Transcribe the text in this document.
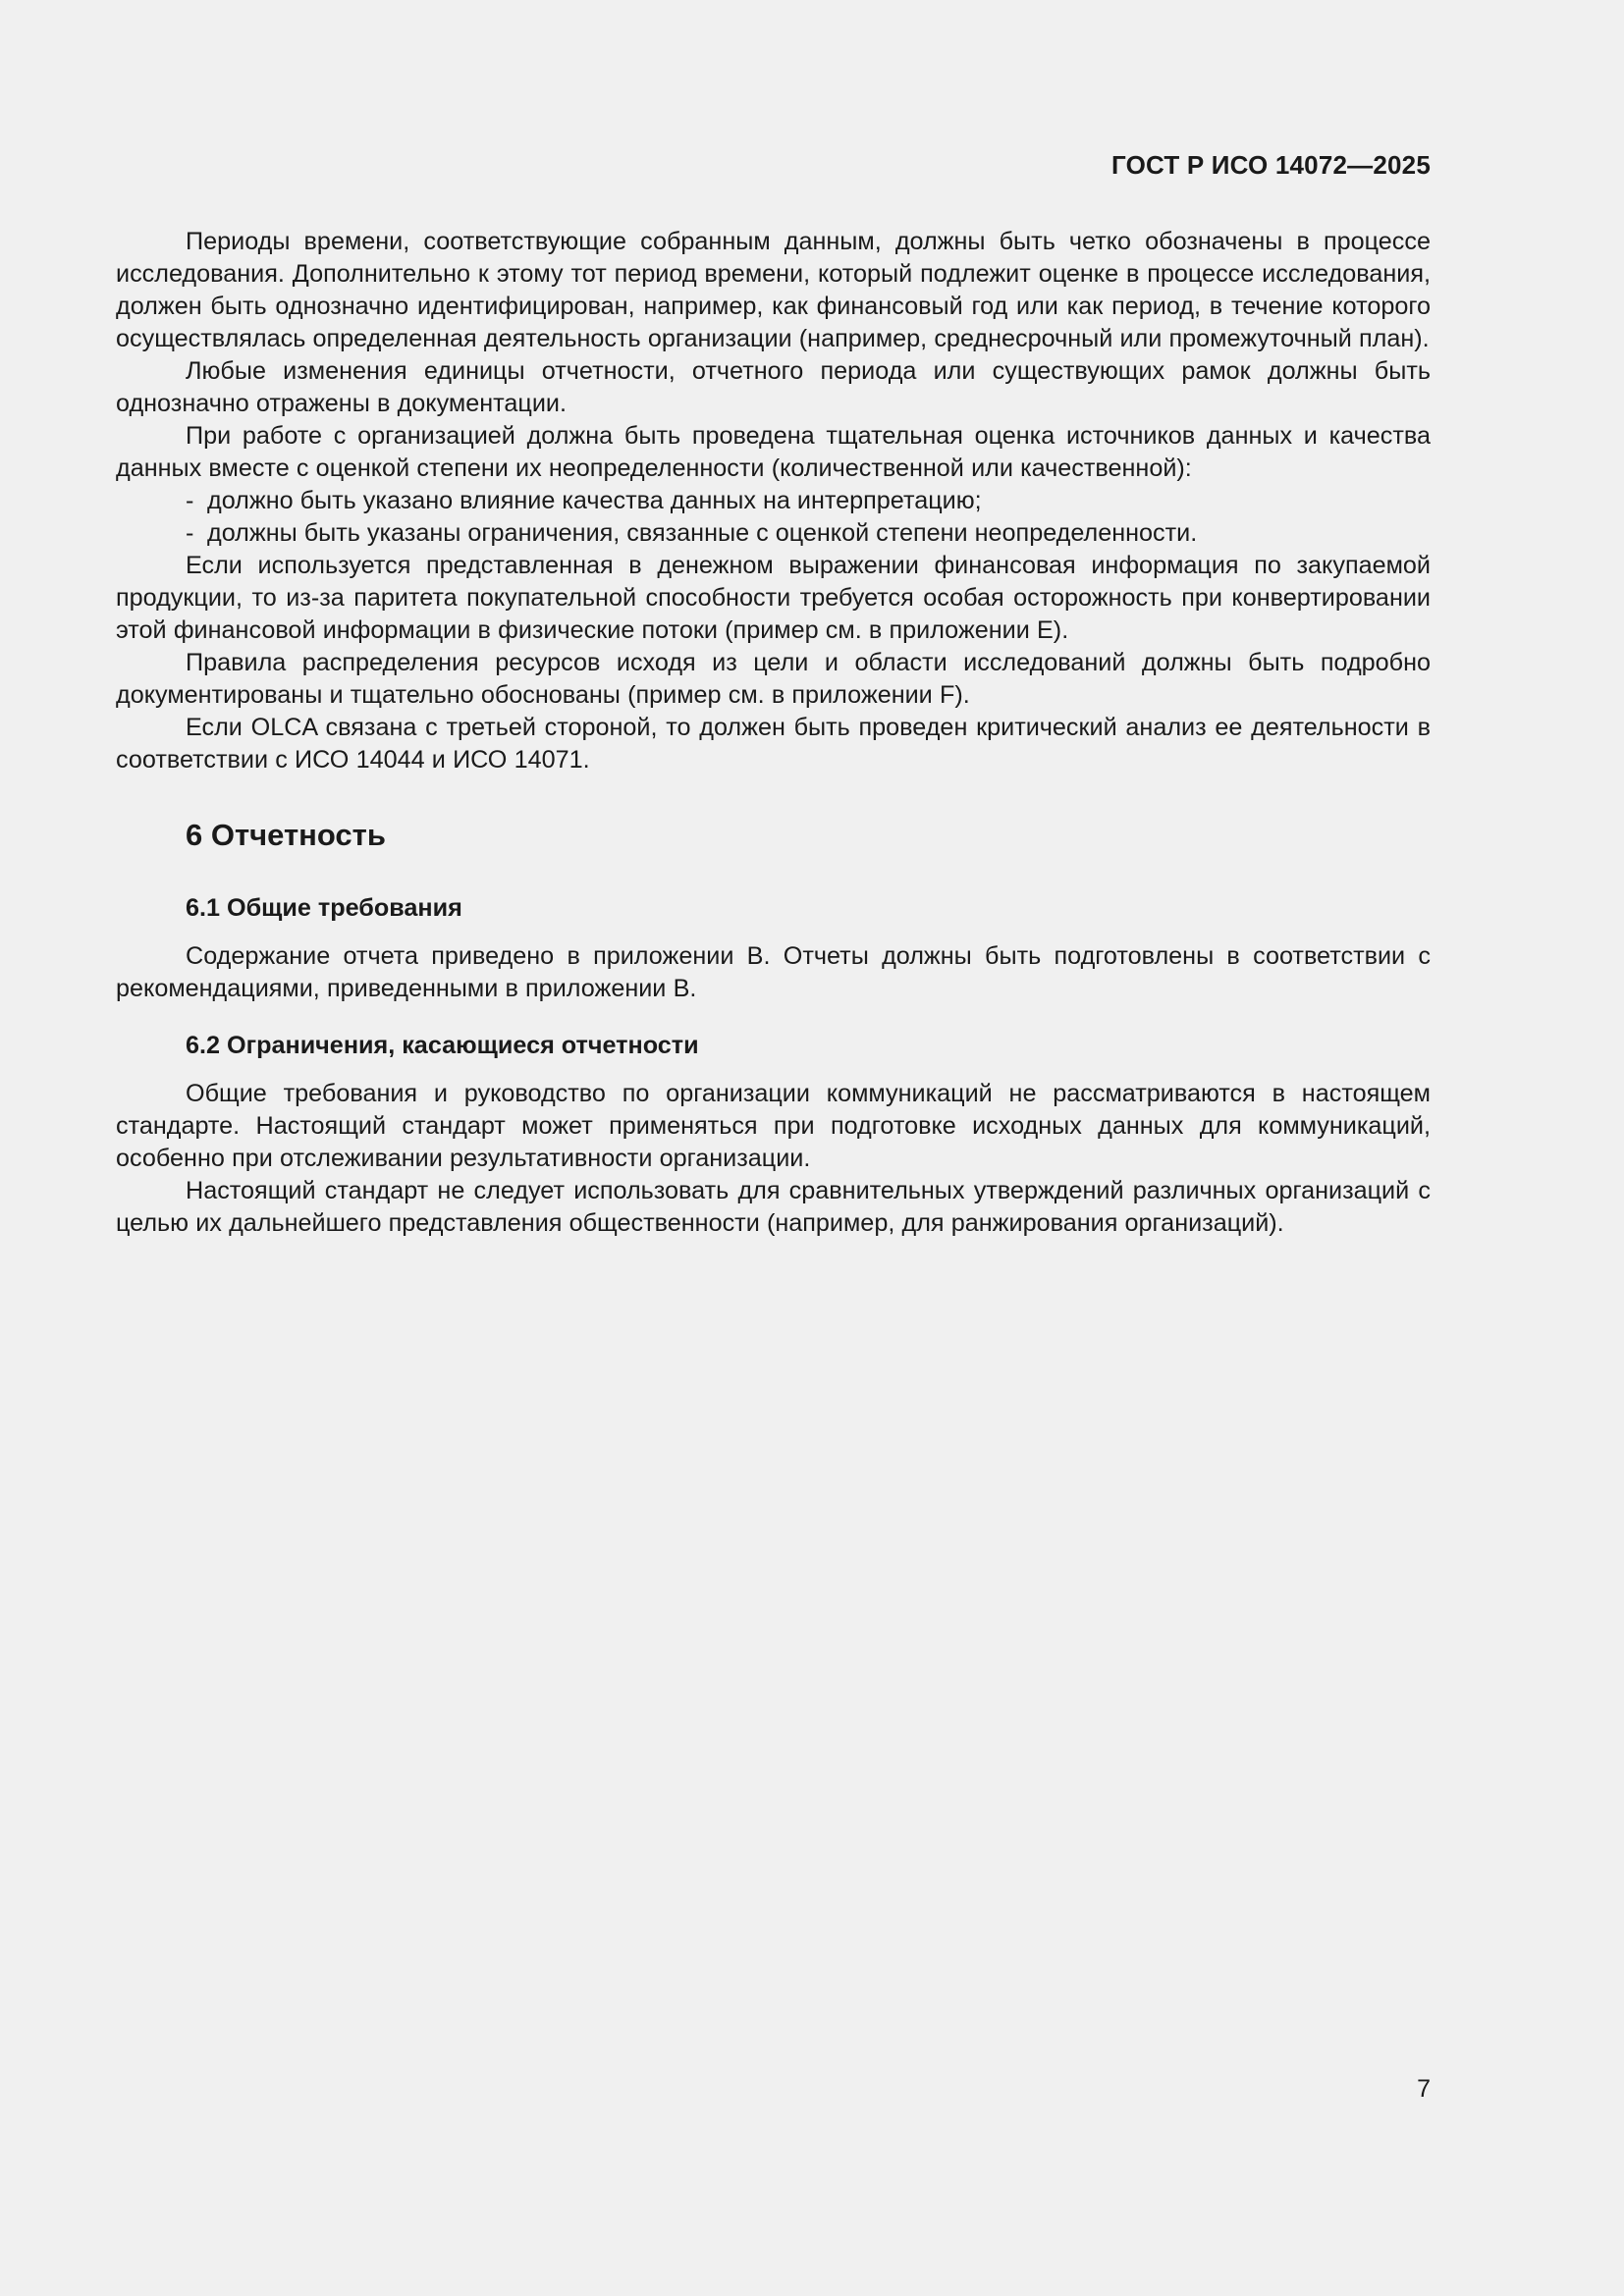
ГОСТ Р ИСО 14072—2025

Периоды времени, соответствующие собранным данным, должны быть четко обозначены в процессе исследования. Дополнительно к этому тот период времени, который подлежит оценке в процессе исследования, должен быть однозначно идентифицирован, например, как финансовый год или как период, в течение которого осуществлялась определенная деятельность организации (например, среднесрочный или промежуточный план).

Любые изменения единицы отчетности, отчетного периода или существующих рамок должны быть однозначно отражены в документации.

При работе с организацией должна быть проведена тщательная оценка источников данных и качества данных вместе с оценкой степени их неопределенности (количественной или качественной):

- должно быть указано влияние качества данных на интерпретацию;
- должны быть указаны ограничения, связанные с оценкой степени неопределенности.

Если используется представленная в денежном выражении финансовая информация по закупаемой продукции, то из-за паритета покупательной способности требуется особая осторожность при конвертировании этой финансовой информации в физические потоки (пример см. в приложении E).

Правила распределения ресурсов исходя из цели и области исследований должны быть подробно документированы и тщательно обоснованы (пример см. в приложении F).

Если OLCA связана с третьей стороной, то должен быть проведен критический анализ ее деятельности в соответствии с ИСО 14044 и ИСО 14071.

6 Отчетность
6.1 Общие требования

Содержание отчета приведено в приложении B. Отчеты должны быть подготовлены в соответствии с рекомендациями, приведенными в приложении B.

6.2 Ограничения, касающиеся отчетности

Общие требования и руководство по организации коммуникаций не рассматриваются в настоящем стандарте. Настоящий стандарт может применяться при подготовке исходных данных для коммуникаций, особенно при отслеживании результативности организации.

Настоящий стандарт не следует использовать для сравнительных утверждений различных организаций с целью их дальнейшего представления общественности (например, для ранжирования организаций).

7
